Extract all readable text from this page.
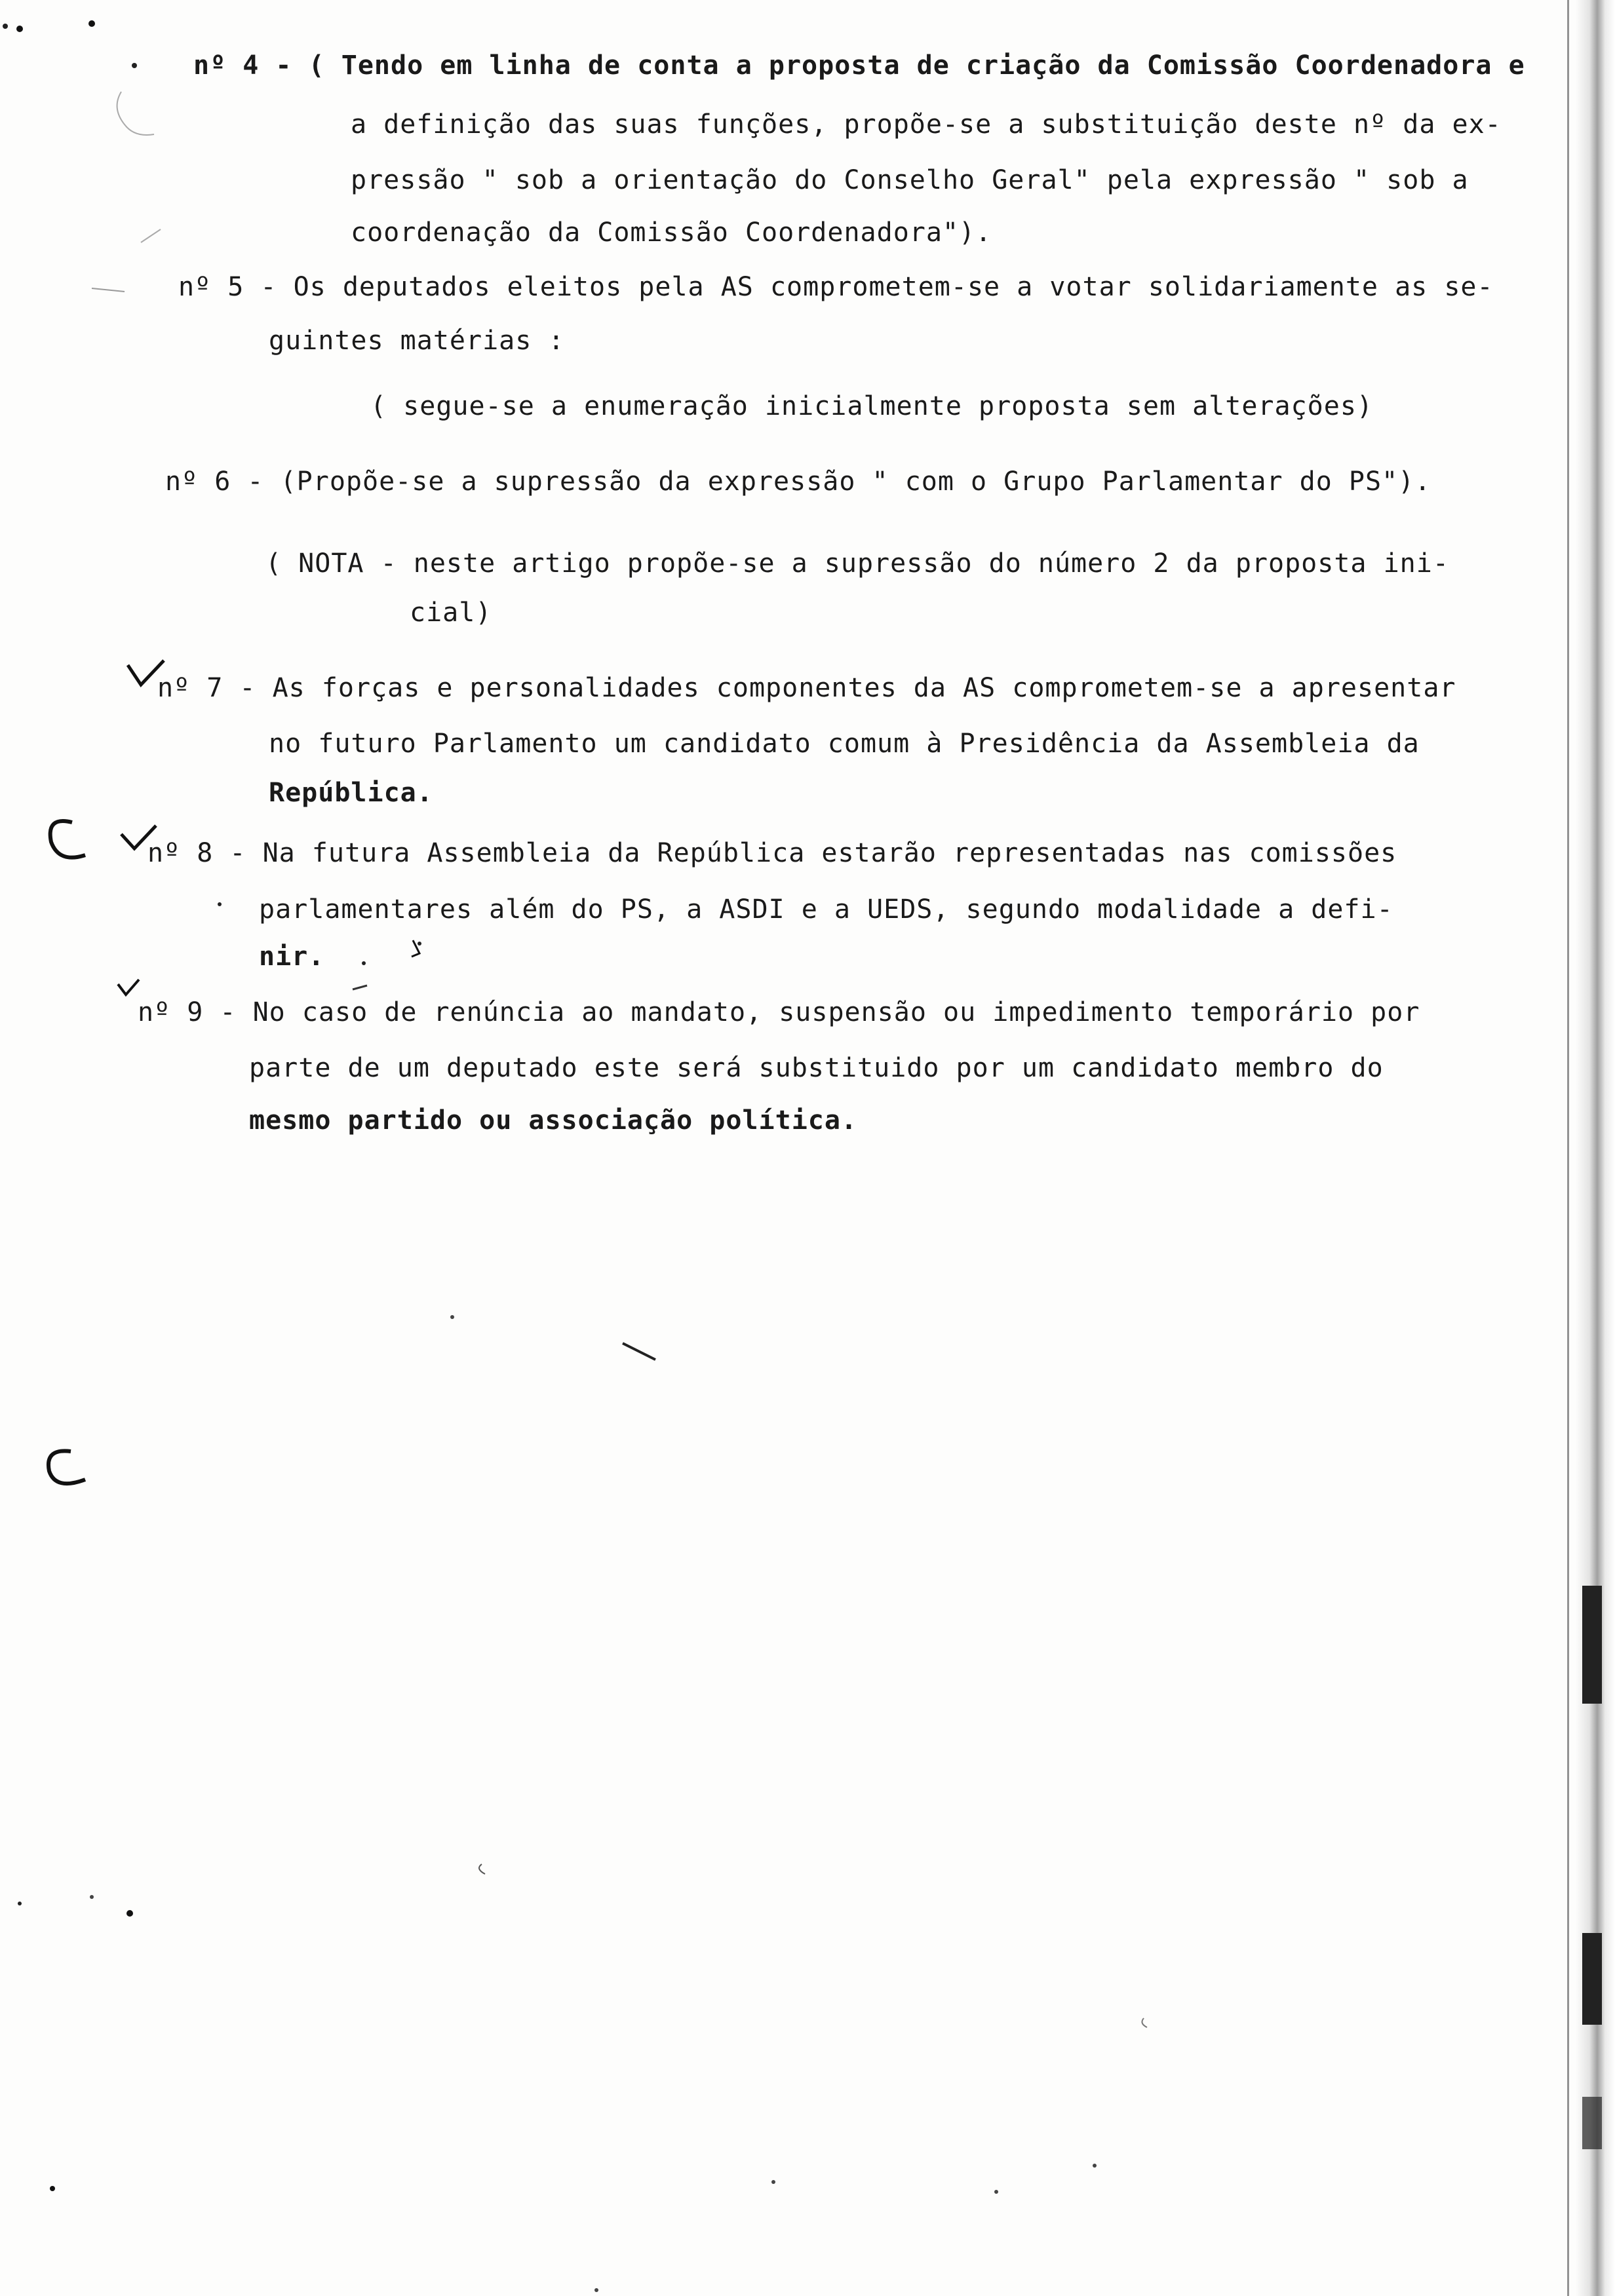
nº 4 - ( Tendo em linha de conta a proposta de criação da Comissão Coordenadora e
a definição das suas funções, propõe-se a substituição deste nº da ex-
pressão " sob a orientação do Conselho Geral" pela expressão " sob a
coordenação da Comissão Coordenadora").
nº 5 - Os deputados eleitos pela AS comprometem-se a votar solidariamente as se-
guintes matérias :
( segue-se a enumeração inicialmente proposta sem alterações)
nº 6 - (Propõe-se a supressão da expressão " com o Grupo Parlamentar do PS").
( NOTA - neste artigo propõe-se a supressão do número 2 da proposta ini-
cial)
nº 7 - As forças e personalidades componentes da AS comprometem-se a apresentar
no futuro Parlamento um candidato comum à Presidência da Assembleia da
República.
nº 8 - Na futura Assembleia da República estarão representadas nas comissões
parlamentares além do PS, a ASDI e a UEDS, segundo modalidade a defi-
nir.
nº 9 - No caso de renúncia ao mandato, suspensão ou impedimento temporário por
parte de um deputado este será substituido por um candidato membro do
mesmo partido ou associação política.
